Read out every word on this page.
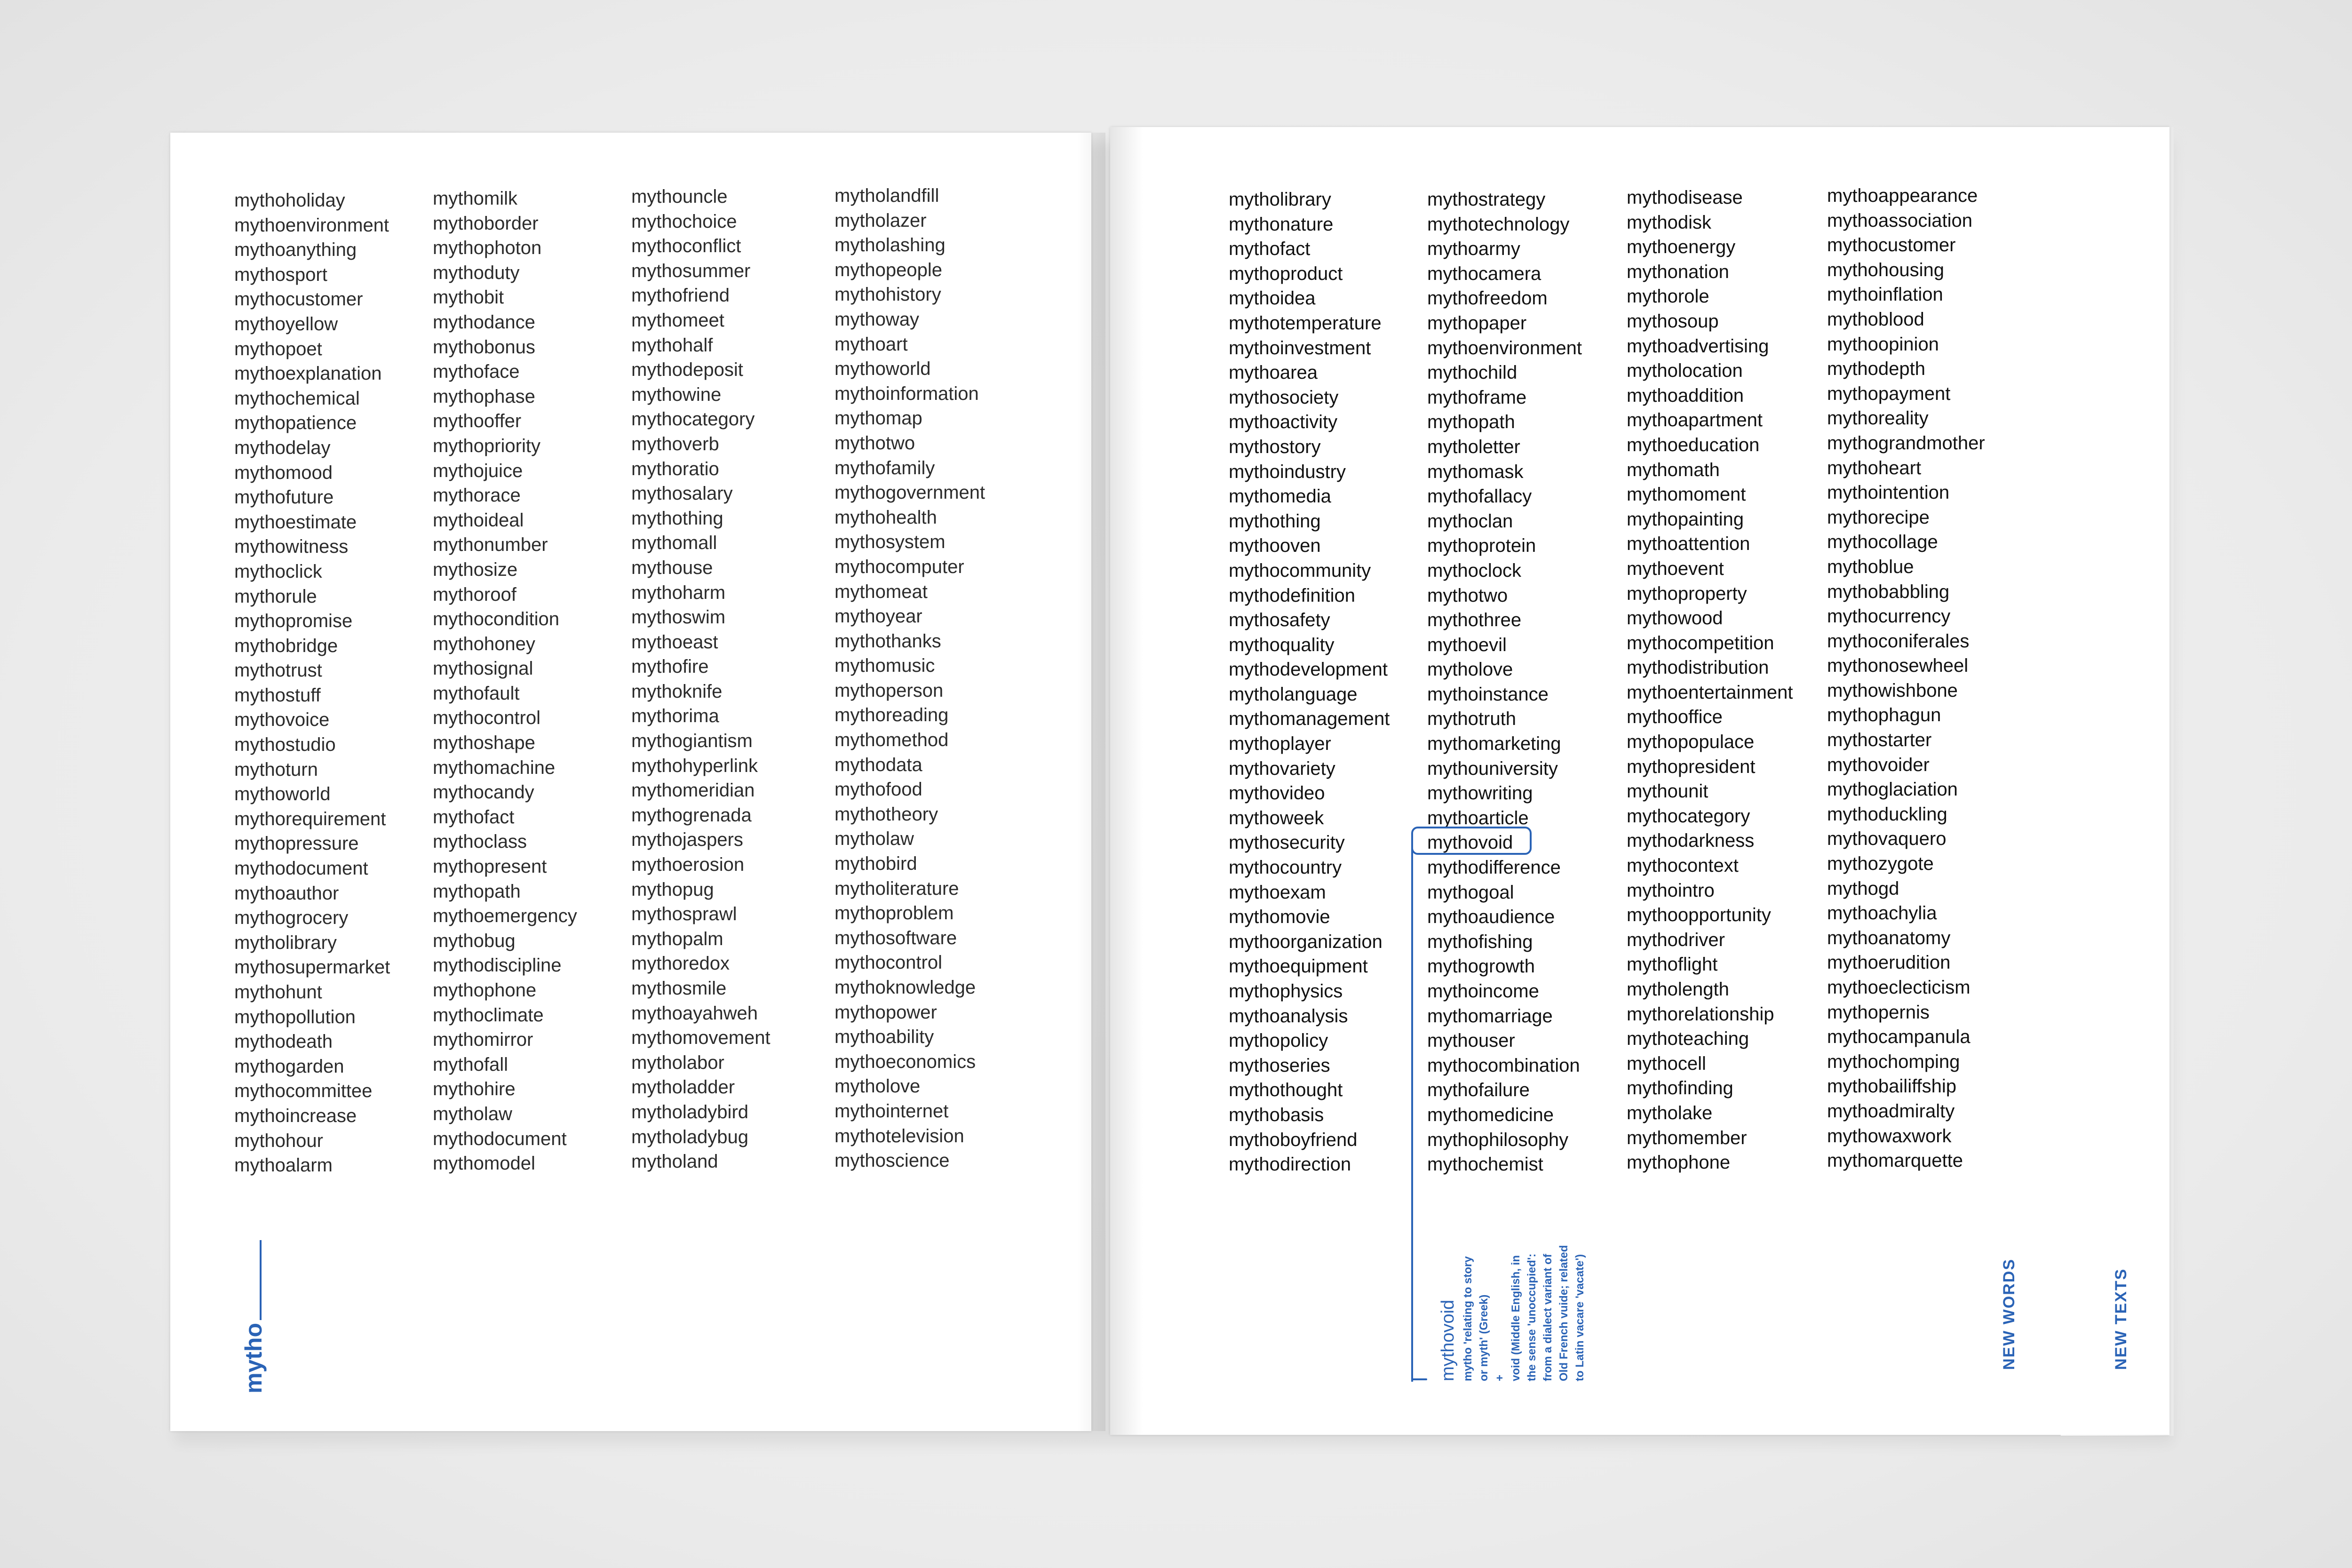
mythoholiday
mythoenvironment
mythoanything
mythosport
mythocustomer
mythoyellow
mythopoet
mythoexplanation
mythochemical
mythopatience
mythodelay
mythomood
mythofuture
mythoestimate
mythowitness
mythoclick
mythorule
mythopromise
mythobridge
mythotrust
mythostuff
mythovoice
mythostudio
mythoturn
mythoworld
mythorequirement
mythopressure
mythodocument
mythoauthor
mythogrocery
mytholibrary
mythosupermarket
mythohunt
mythopollution
mythodeath
mythogarden
mythocommittee
mythoincrease
mythohour
mythoalarm
mythomilk
mythoborder
mythophoton
mythoduty
mythobit
mythodance
mythobonus
mythoface
mythophase
mythooffer
mythopriority
mythojuice
mythorace
mythoideal
mythonumber
mythosize
mythoroof
mythocondition
mythohoney
mythosignal
mythofault
mythocontrol
mythoshape
mythomachine
mythocandy
mythofact
mythoclass
mythopresent
mythopath
mythoemergency
mythobug
mythodiscipline
mythophone
mythoclimate
mythomirror
mythofall
mythohire
mytholaw
mythodocument
mythomodel
mythouncle
mythochoice
mythoconflict
mythosummer
mythofriend
mythomeet
mythohalf
mythodeposit
mythowine
mythocategory
mythoverb
mythoratio
mythosalary
mythothing
mythomall
mythouse
mythoharm
mythoswim
mythoeast
mythofire
mythoknife
mythorima
mythogiantism
mythohyperlink
mythomeridian
mythogrenada
mythojaspers
mythoerosion
mythopug
mythosprawl
mythopalm
mythoredox
mythosmile
mythoayahweh
mythomovement
mytholabor
mytholadder
mytholadybird
mytholadybug
mytholand
mytholandfill
mytholazer
mytholashing
mythopeople
mythohistory
mythoway
mythoart
mythoworld
mythoinformation
mythomap
mythotwo
mythofamily
mythogovernment
mythohealth
mythosystem
mythocomputer
mythomeat
mythoyear
mythothanks
mythomusic
mythoperson
mythoreading
mythomethod
mythodata
mythofood
mythotheory
mytholaw
mythobird
mytholiterature
mythoproblem
mythosoftware
mythocontrol
mythoknowledge
mythopower
mythoability
mythoeconomics
mytholove
mythointernet
mythotelevision
mythoscience
mytho
mytholibrary
mythonature
mythofact
mythoproduct
mythoidea
mythotemperature
mythoinvestment
mythoarea
mythosociety
mythoactivity
mythostory
mythoindustry
mythomedia
mythothing
mythooven
mythocommunity
mythodefinition
mythosafety
mythoquality
mythodevelopment
mytholanguage
mythomanagement
mythoplayer
mythovariety
mythovideo
mythoweek
mythosecurity
mythocountry
mythoexam
mythomovie
mythoorganization
mythoequipment
mythophysics
mythoanalysis
mythopolicy
mythoseries
mythothought
mythobasis
mythoboyfriend
mythodirection
mythostrategy
mythotechnology
mythoarmy
mythocamera
mythofreedom
mythopaper
mythoenvironment
mythochild
mythoframe
mythopath
mytholetter
mythomask
mythofallacy
mythoclan
mythoprotein
mythoclock
mythotwo
mythothree
mythoevil
mytholove
mythoinstance
mythotruth
mythomarketing
mythouniversity
mythowriting
mythoarticle
mythovoid
mythodifference
mythogoal
mythoaudience
mythofishing
mythogrowth
mythoincome
mythomarriage
mythouser
mythocombination
mythofailure
mythomedicine
mythophilosophy
mythochemist
mythodisease
mythodisk
mythoenergy
mythonation
mythorole
mythosoup
mythoadvertising
mytholocation
mythoaddition
mythoapartment
mythoeducation
mythomath
mythomoment
mythopainting
mythoattention
mythoevent
mythoproperty
mythowood
mythocompetition
mythodistribution
mythoentertainment
mythooffice
mythopopulace
mythopresident
mythounit
mythocategory
mythodarkness
mythocontext
mythointro
mythoopportunity
mythodriver
mythoflight
mytholength
mythorelationship
mythoteaching
mythocell
mythofinding
mytholake
mythomember
mythophone
mythoappearance
mythoassociation
mythocustomer
mythohousing
mythoinflation
mythoblood
mythoopinion
mythodepth
mythopayment
mythoreality
mythograndmother
mythoheart
mythointention
mythorecipe
mythocollage
mythoblue
mythobabbling
mythocurrency
mythoconiferales
mythonosewheel
mythowishbone
mythophagun
mythostarter
mythovoider
mythoglaciation
mythoduckling
mythovaquero
mythozygote
mythogd
mythoachylia
mythoanatomy
mythoerudition
mythoeclecticism
mythopernis
mythocampanula
mythochomping
mythobailiffship
mythoadmiralty
mythowaxwork
mythomarquette
mythovoid mytho 'relating to story or myth' (Greek) + void (Middle English, in the sense 'unoccupied': from a dialect variant of Old French vuide; related to Latin vacare 'vacate')	NEW WORDS	NEW TEXTS
